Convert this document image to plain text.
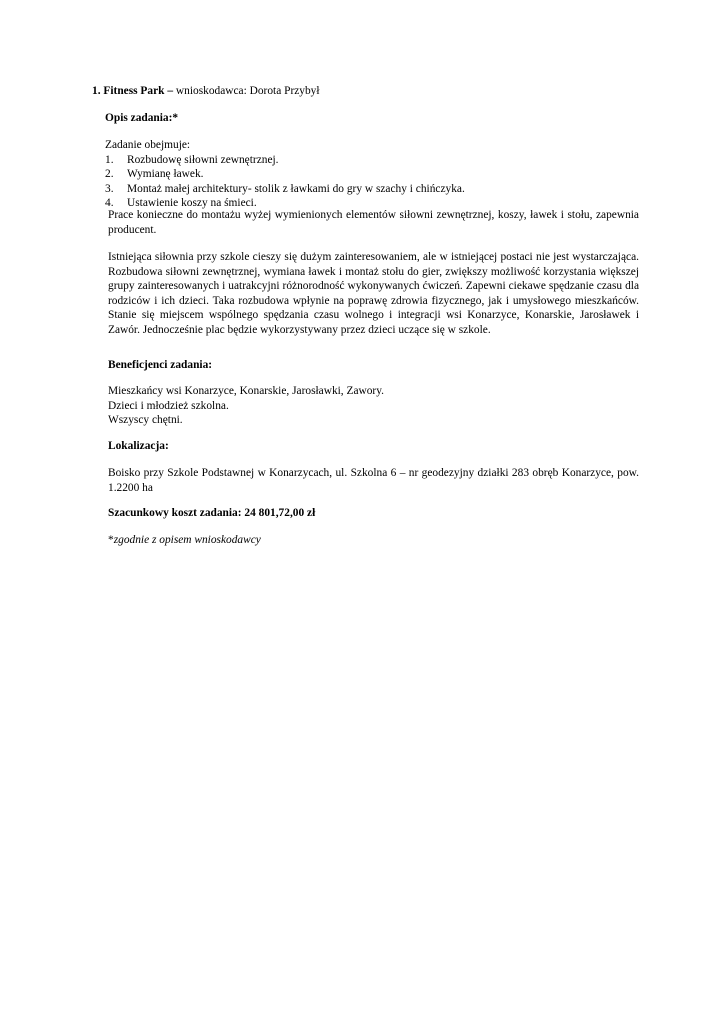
1. Fitness Park – wnioskodawca: Dorota Przybył
Opis zadania:*
Zadanie obejmuje:
1. Rozbudowę siłowni zewnętrznej.
2. Wymianę ławek.
3. Montaż małej architektury- stolik z ławkami do gry w szachy i chińczyka.
4. Ustawienie koszy na śmieci.
Prace konieczne do montażu wyżej wymienionych elementów siłowni zewnętrznej, koszy, ławek i stołu, zapewnia producent.
Istniejąca siłownia przy szkole cieszy się dużym zainteresowaniem, ale w istniejącej postaci nie jest wystarczająca. Rozbudowa siłowni zewnętrznej, wymiana ławek i montaż stołu do gier, zwiększy możliwość korzystania większej grupy zainteresowanych i uatrakcyjni różnorodność wykonywanych ćwiczeń. Zapewni ciekawe spędzanie czasu dla rodziców i ich dzieci. Taka rozbudowa wpłynie na poprawę zdrowia fizycznego, jak i umysłowego mieszkańców. Stanie się miejscem wspólnego spędzania czasu wolnego i integracji wsi Konarzyce, Konarskie, Jarosławek i Zawór. Jednocześnie plac będzie wykorzystywany przez dzieci uczące się w szkole.
Beneficjenci zadania:
Mieszkańcy wsi Konarzyce, Konarskie, Jarosławki, Zawory.
Dzieci i młodzież szkolna.
Wszyscy chętni.
Lokalizacja:
Boisko przy Szkole Podstawnej w Konarzycach, ul. Szkolna 6 – nr geodezyjny działki 283 obręb Konarzyce, pow. 1.2200 ha
Szacunkowy koszt zadania: 24 801,72,00 zł
*zgodnie z opisem wnioskodawcy
